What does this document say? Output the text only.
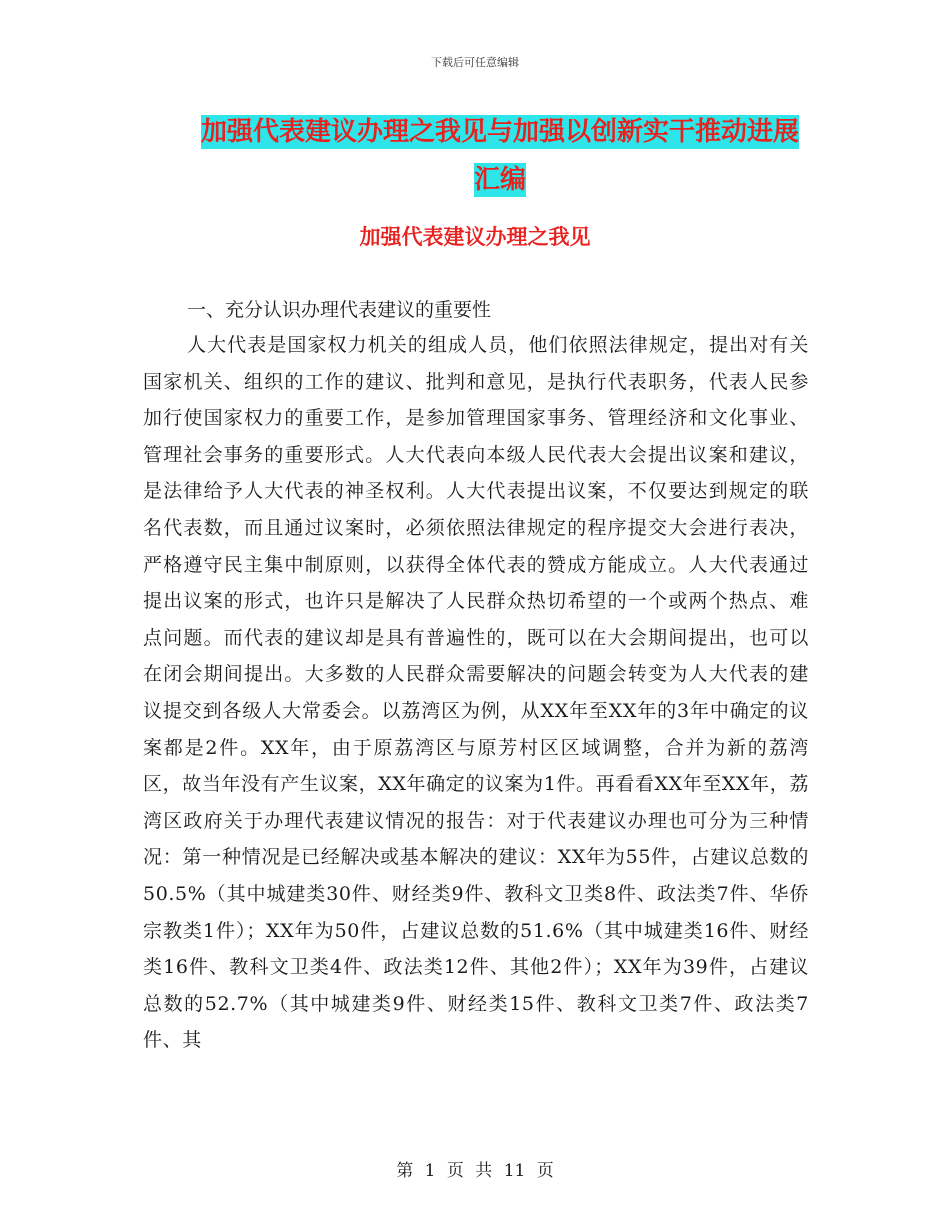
下载后可任意编辑
加强代表建议办理之我见与加强以创新实干推动进展汇编
加强代表建议办理之我见
一、充分认识办理代表建议的重要性

人大代表是国家权力机关的组成人员，他们依照法律规定，提出对有关国家机关、组织的工作的建议、批判和意见，是执行代表职务，代表人民参加行使国家权力的重要工作，是参加管理国家事务、管理经济和文化事业、管理社会事务的重要形式。人大代表向本级人民代表大会提出议案和建议，是法律给予人大代表的神圣权利。人大代表提出议案，不仅要达到规定的联名代表数，而且通过议案时，必须依照法律规定的程序提交大会进行表决，严格遵守民主集中制原则，以获得全体代表的赞成方能成立。人大代表通过提出议案的形式，也许只是解决了人民群众热切希望的一个或两个热点、难点问题。而代表的建议却是具有普遍性的，既可以在大会期间提出，也可以在闭会期间提出。大多数的人民群众需要解决的问题会转变为人大代表的建议提交到各级人大常委会。以荔湾区为例，从XX年至XX年的3年中确定的议案都是2件。XX年，由于原荔湾区与原芳村区区域调整，合并为新的荔湾区，故当年没有产生议案，XX年确定的议案为1件。再看看XX年至XX年，荔湾区政府关于办理代表建议情况的报告：对于代表建议办理也可分为三种情况：第一种情况是已经解决或基本解决的建议：XX年为55件，占建议总数的50.5%（其中城建类30件、财经类9件、教科文卫类8件、政法类7件、华侨宗教类1件）；XX年为50件，占建议总数的51.6%（其中城建类16件、财经类16件、教科文卫类4件、政法类12件、其他2件）；XX年为39件，占建议总数的52.7%（其中城建类9件、财经类15件、教科文卫类7件、政法类7件、其

第 1 页 共 11 页
